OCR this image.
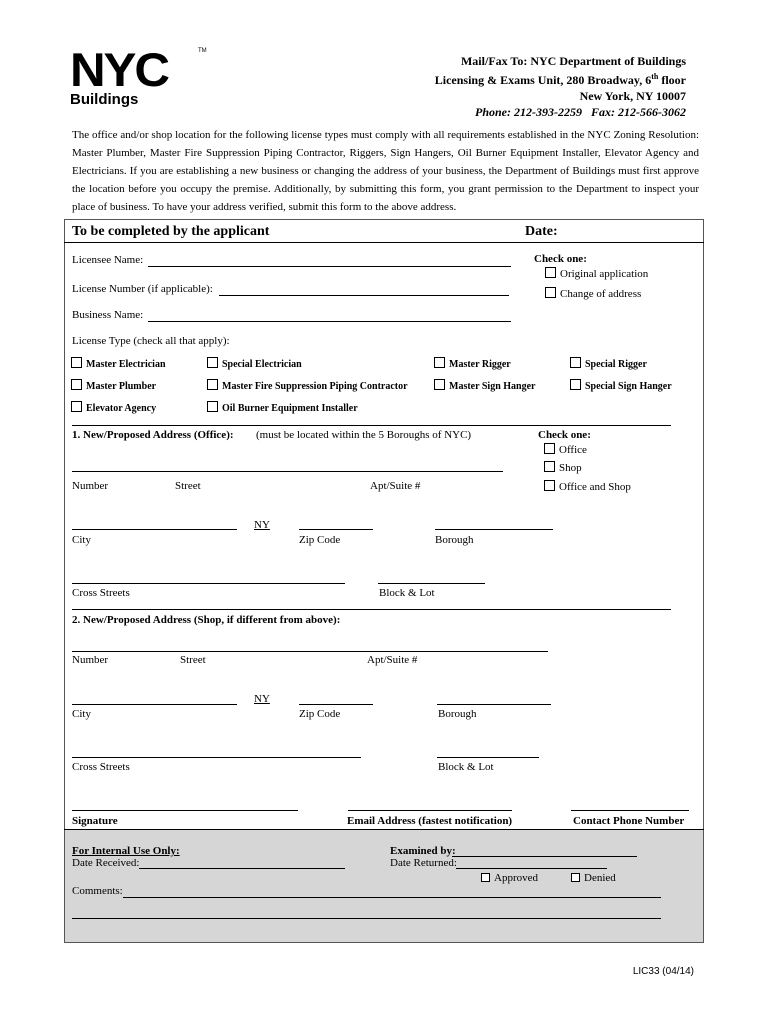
NYC	TM
Buildings
Mail/Fax To: NYC Department of Buildings
Licensing & Exams Unit, 280 Broadway, 6th floor
New York, NY 10007
Phone: 212-393-2259 Fax: 212-566-3062
The office and/or shop location for the following license types must comply with all requirements established in the NYC Zoning Resolution: Master Plumber, Master Fire Suppression Piping Contractor, Riggers, Sign Hangers, Oil Burner Equipment Installer, Elevator Agency and Electricians. If you are establishing a new business or changing the address of your business, the Department of Buildings must first approve the location before you occupy the premise. Additionally, by submitting this form, you grant permission to the Department to inspect your place of business. To have your address verified, submit this form to the above address.
To be completed by the applicant	Date:
Licensee Name:
License Number (if applicable):
Business Name:
Check one:
Original application
Change of address
License Type (check all that apply):
Master Electrician	Special Electrician	Master Rigger	Special Rigger
Master Plumber	Master Fire Suppression Piping Contractor	Master Sign Hanger	Special Sign Hanger
Elevator Agency	Oil Burner Equipment Installer
1. New/Proposed Address (Office): (must be located within the 5 Boroughs of NYC)	Check one:
Office
Shop
Office and Shop
Number	Street	Apt/Suite #
NY
City	Zip Code	Borough
Cross Streets	Block & Lot
2. New/Proposed Address (Shop, if different from above):
Number	Street	Apt/Suite #
NY
City	Zip Code	Borough
Cross Streets	Block & Lot
Signature	Email Address (fastest notification)	Contact Phone Number
For Internal Use Only:
Date Received:
Examined by:
Date Returned:
Approved	Denied
Comments:
LIC33 (04/14)
